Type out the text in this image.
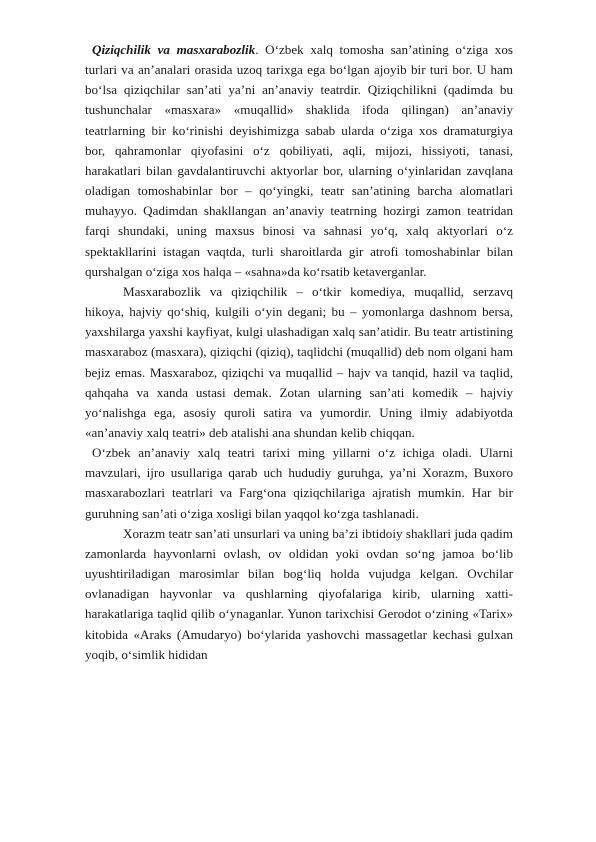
Qiziqchilik va masxarabozlik. O‘zbek xalq tomosha san’atining o‘ziga xos turlari va an’analari orasida uzoq tarixga ega bo‘lgan ajoyib bir turi bor. U ham bo‘lsa qiziqchilar san’ati ya’ni an’anaviy teatrdir. Qiziqchilikni (qadimda bu tushunchalar «masxara» «muqallid» shaklida ifoda qilingan) an’anaviy teatrlarning bir ko‘rinishi deyishimizga sabab ularda o‘ziga xos dramaturgiya bor, qahramonlar qiyofasini o‘z qobiliyati, aqli, mijozi, hissiyoti, tanasi, harakatlari bilan gavdalantiruvchi aktyorlar bor, ularning o‘yinlaridan zavqlana oladigan tomoshabinlar bor – qo‘yingki, teatr san’atining barcha alomatlari muhayyo. Qadimdan shakllangan an’anaviy teatrning hozirgi zamon teatridan farqi shundaki, uning maxsus binosi va sahnasi yo‘q, xalq aktyorlari o‘z spektakllarini istagan vaqtda, turli sharoitlarda gir atrofi tomoshabinlar bilan qurshalgan o‘ziga xos halqa – «sahna»da ko‘rsatib ketaverganlar.

Masxarabozlik va qiziqchilik – o‘tkir komediya, muqallid, serzavq hikoya, hajviy qo‘shiq, kulgili o‘yin degani; bu – yomonlarga dashnom bersa, yaxshilarga yaxshi kayfiyat, kulgi ulashadigan xalq san’atidir. Bu teatr artistining masxaraboz (masxara), qiziqchi (qiziq), taqlidchi (muqallid) deb nom olgani ham bejiz emas. Masxaraboz, qiziqchi va muqallid – hajv va tanqid, hazil va taqlid, qahqaha va xanda ustasi demak. Zotan ularning san’ati komedik – hajviy yo‘nalishga ega, asosiy quroli satira va yumordir. Uning ilmiy adabiyotda «an’anaviy xalq teatri» deb atalishi ana shundan kelib chiqqan.

O‘zbek an’anaviy xalq teatri tarixi ming yillarni o‘z ichiga oladi. Ularni mavzulari, ijro usullariga qarab uch hududiy guruhga, ya’ni Xorazm, Buxoro masxarabozlari teatrlari va Farg‘ona qiziqchilariga ajratish mumkin. Har bir guruhning san’ati o‘ziga xosligi bilan yaqqol ko‘zga tashlanadi.

Xorazm teatr san’ati unsurlari va uning ba’zi ibtidoiy shakllari juda qadim zamonlarda hayvonlarni ovlash, ov oldidan yoki ovdan so‘ng jamoa bo‘lib uyushtiriladigan marosimlar bilan bog‘liq holda vujudga kelgan. Ovchilar ovlanadigan hayvonlar va qushlarning qiyofalariga kirib, ularning xatti-harakatlariga taqlid qilib o‘ynaganlar. Yunon tarixchisi Gerodot o‘zining «Tarix» kitobida «Araks (Amudaryo) bo‘ylarida yashovchi massagetlar kechasi gulxan yoqib, o‘simlik hididan
